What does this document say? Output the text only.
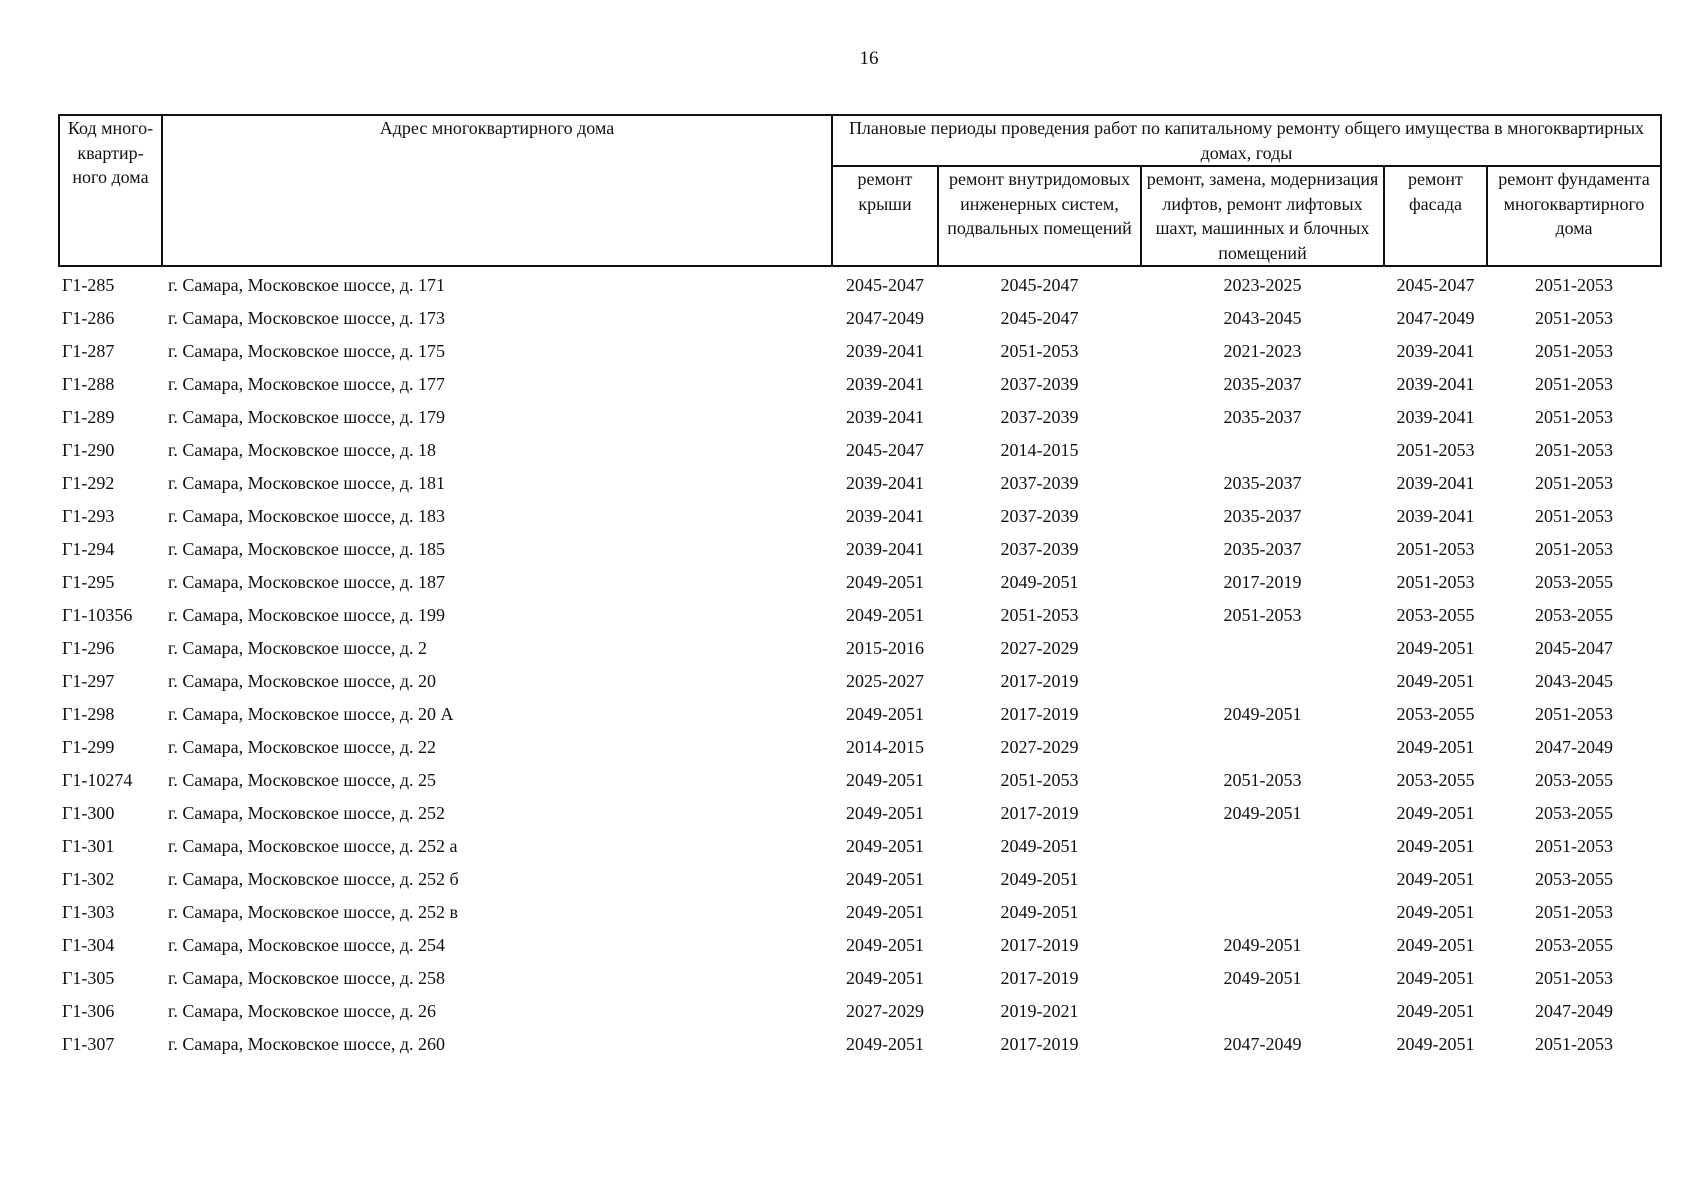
16
Код много-квартир-ного дома	Адрес многоквартирного дома	Плановые периоды проведения работ по капитальному ремонту общего имущества в многоквартирных домах, годы				
		ремонт крыши	ремонт внутридомовых инженерных систем, подвальных помещений	ремонт, замена, модернизация лифтов, ремонт лифтовых шахт, машинных и блочных помещений	ремонт фасада	ремонт фундамента многоквартирного дома
Г1-285	г. Самара, Московское шоссе, д. 171	2045-2047	2045-2047	2023-2025	2045-2047	2051-2053
Г1-286	г. Самара, Московское шоссе, д. 173	2047-2049	2045-2047	2043-2045	2047-2049	2051-2053
Г1-287	г. Самара, Московское шоссе, д. 175	2039-2041	2051-2053	2021-2023	2039-2041	2051-2053
Г1-288	г. Самара, Московское шоссе, д. 177	2039-2041	2037-2039	2035-2037	2039-2041	2051-2053
Г1-289	г. Самара, Московское шоссе, д. 179	2039-2041	2037-2039	2035-2037	2039-2041	2051-2053
Г1-290	г. Самара, Московское шоссе, д. 18	2045-2047	2014-2015		2051-2053	2051-2053
Г1-292	г. Самара, Московское шоссе, д. 181	2039-2041	2037-2039	2035-2037	2039-2041	2051-2053
Г1-293	г. Самара, Московское шоссе, д. 183	2039-2041	2037-2039	2035-2037	2039-2041	2051-2053
Г1-294	г. Самара, Московское шоссе, д. 185	2039-2041	2037-2039	2035-2037	2051-2053	2051-2053
Г1-295	г. Самара, Московское шоссе, д. 187	2049-2051	2049-2051	2017-2019	2051-2053	2053-2055
Г1-10356	г. Самара, Московское шоссе, д. 199	2049-2051	2051-2053	2051-2053	2053-2055	2053-2055
Г1-296	г. Самара, Московское шоссе, д. 2	2015-2016	2027-2029		2049-2051	2045-2047
Г1-297	г. Самара, Московское шоссе, д. 20	2025-2027	2017-2019		2049-2051	2043-2045
Г1-298	г. Самара, Московское шоссе, д. 20 А	2049-2051	2017-2019	2049-2051	2053-2055	2051-2053
Г1-299	г. Самара, Московское шоссе, д. 22	2014-2015	2027-2029		2049-2051	2047-2049
Г1-10274	г. Самара, Московское шоссе, д. 25	2049-2051	2051-2053	2051-2053	2053-2055	2053-2055
Г1-300	г. Самара, Московское шоссе, д. 252	2049-2051	2017-2019	2049-2051	2049-2051	2053-2055
Г1-301	г. Самара, Московское шоссе, д. 252 а	2049-2051	2049-2051		2049-2051	2051-2053
Г1-302	г. Самара, Московское шоссе, д. 252 б	2049-2051	2049-2051		2049-2051	2053-2055
Г1-303	г. Самара, Московское шоссе, д. 252 в	2049-2051	2049-2051		2049-2051	2051-2053
Г1-304	г. Самара, Московское шоссе, д. 254	2049-2051	2017-2019	2049-2051	2049-2051	2053-2055
Г1-305	г. Самара, Московское шоссе, д. 258	2049-2051	2017-2019	2049-2051	2049-2051	2051-2053
Г1-306	г. Самара, Московское шоссе, д. 26	2027-2029	2019-2021		2049-2051	2047-2049
Г1-307	г. Самара, Московское шоссе, д. 260	2049-2051	2017-2019	2047-2049	2049-2051	2051-2053
